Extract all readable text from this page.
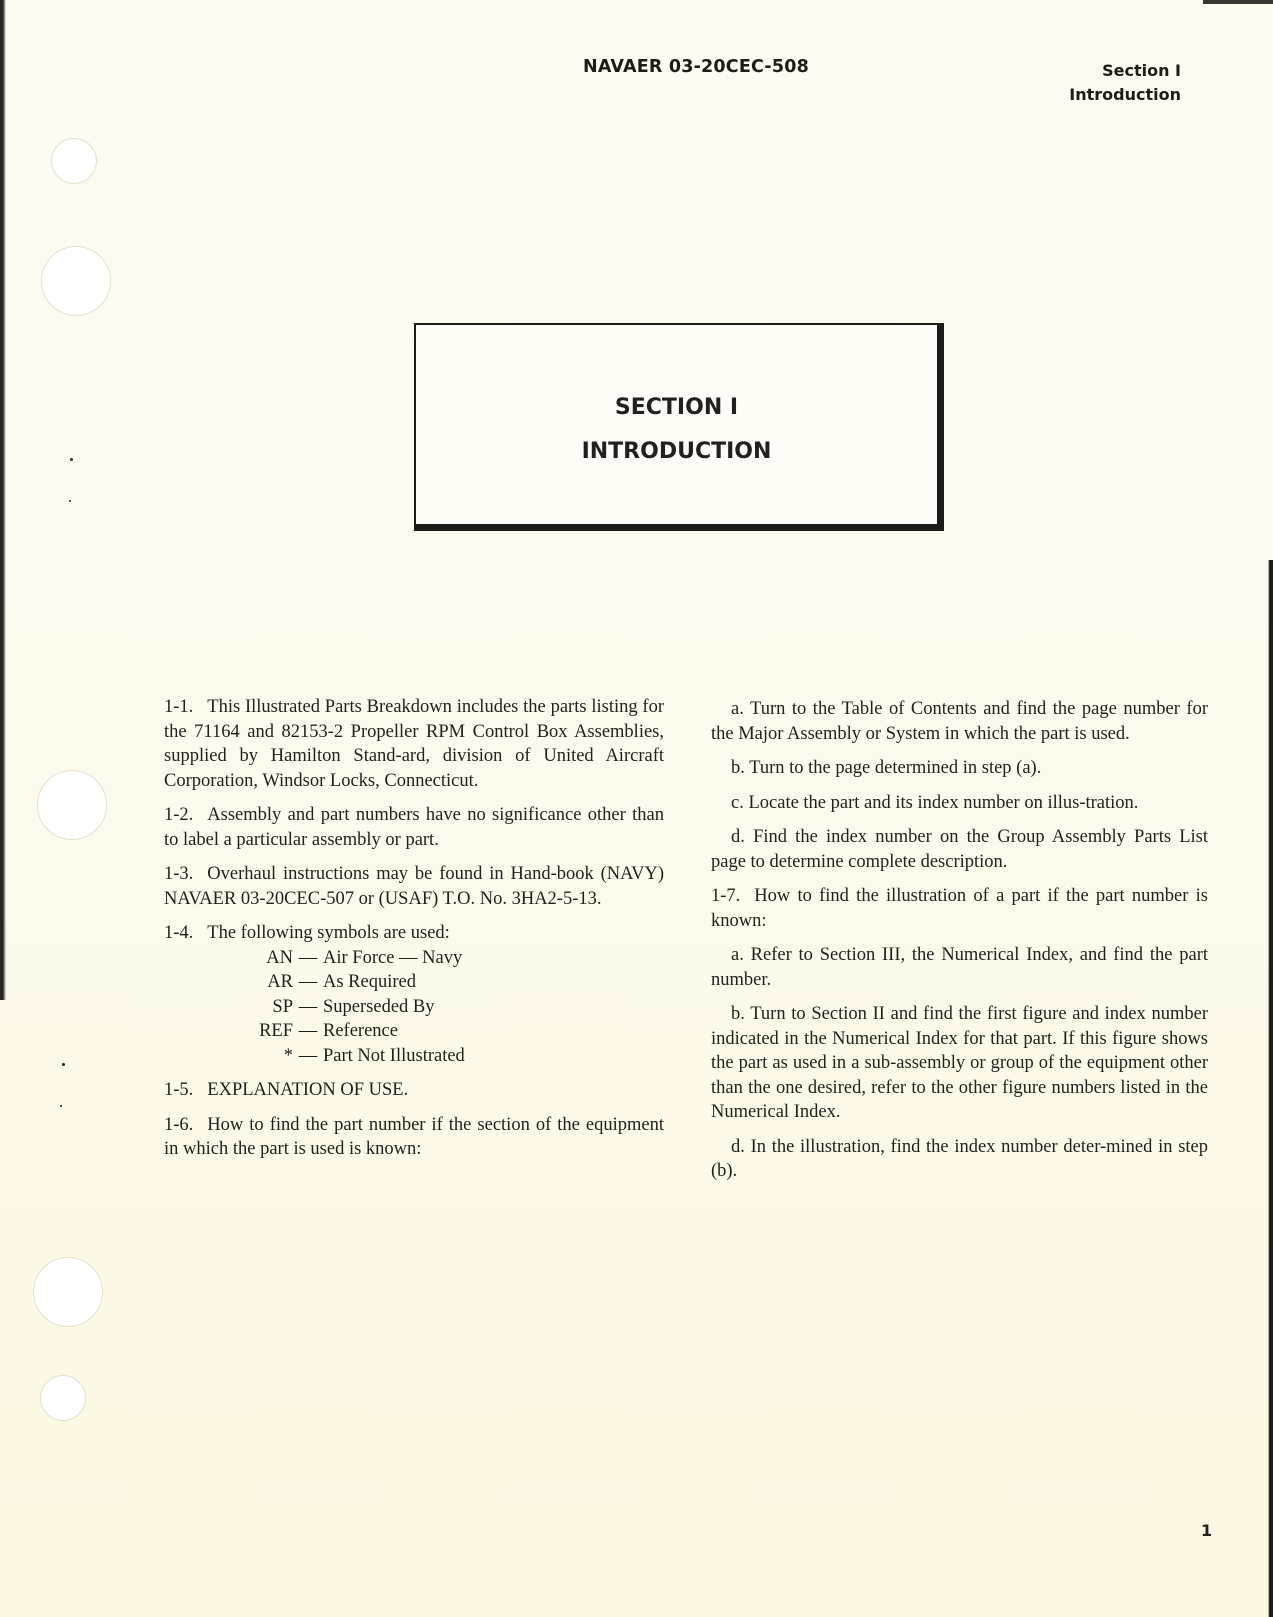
NAVAER 03-20CEC-508	Section I
Introduction
SECTION I
INTRODUCTION

1-1. This Illustrated Parts Breakdown includes the parts listing for the 71164 and 82153-2 Propeller RPM Control Box Assemblies, supplied by Hamilton Stand-ard, division of United Aircraft Corporation, Windsor Locks, Connecticut.

1-2. Assembly and part numbers have no significance other than to label a particular assembly or part.

1-3. Overhaul instructions may be found in Hand-book (NAVY) NAVAER 03-20CEC-507 or (USAF) T.O. No. 3HA2-5-13.

1-4. The following symbols are used:

AN — Air Force — Navy
AR — As Required
SP — Superseded By
REF — Reference
* — Part Not Illustrated

1-5. EXPLANATION OF USE.

1-6. How to find the part number if the section of the equipment in which the part is used is known:

a. Turn to the Table of Contents and find the page number for the Major Assembly or System in which the part is used.

b. Turn to the page determined in step (a).

c. Locate the part and its index number on illus-tration.

d. Find the index number on the Group Assembly Parts List page to determine complete description.

1-7. How to find the illustration of a part if the part number is known:

a. Refer to Section III, the Numerical Index, and find the part number.

b. Turn to Section II and find the first figure and index number indicated in the Numerical Index for that part. If this figure shows the part as used in a sub-assembly or group of the equipment other than the one desired, refer to the other figure numbers listed in the Numerical Index.

d. In the illustration, find the index number deter-mined in step (b).

1
